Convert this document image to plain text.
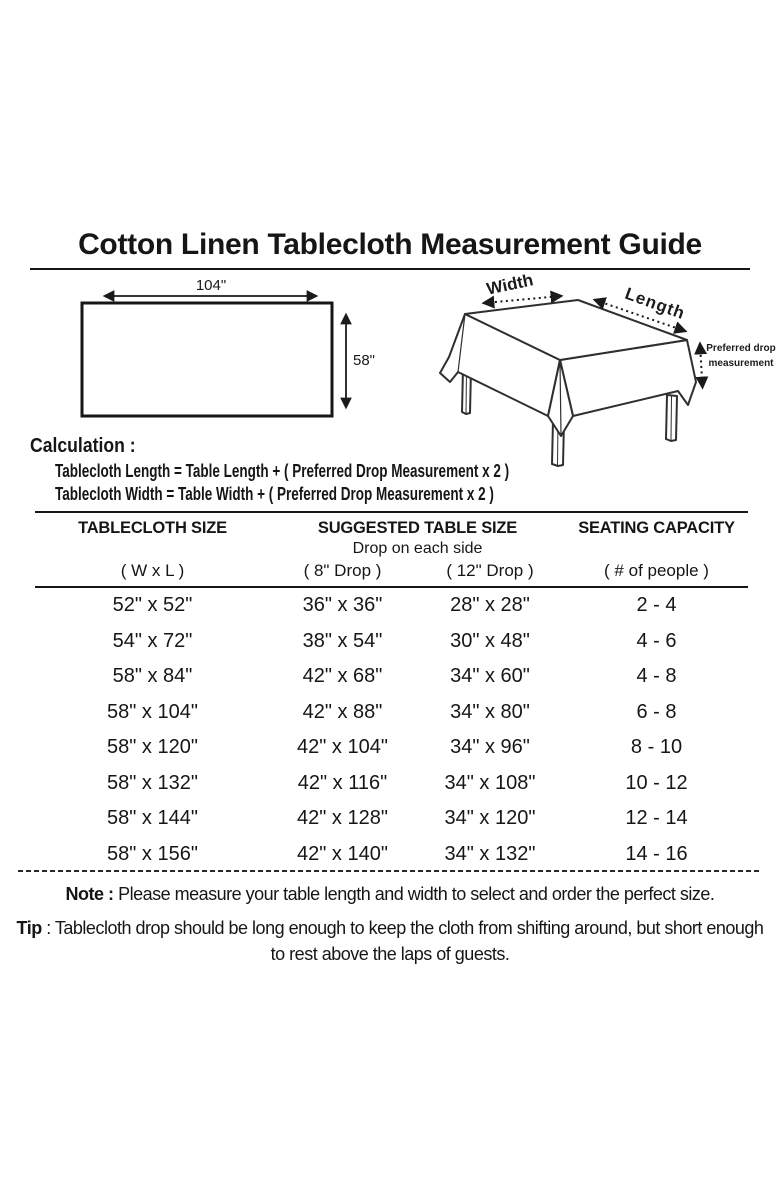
Cotton Linen Tablecloth Measurement Guide
104"
58"
Width	Length
Preferred drop measurement
Calculation :
Tablecloth Length = Table Length + ( Preferred Drop Measurement x 2 )
Tablecloth Width = Table Width + ( Preferred Drop Measurement x 2 )
TABLECLOTH SIZE	SUGGESTED TABLE SIZE	SEATING CAPACITY
Drop on each side
( W x L )	( 8" Drop )	( 12" Drop )	( # of people )
52" x 52"	36" x 36"	28" x 28"	2 - 4
54" x 72"	38" x 54"	30" x 48"	4 - 6
58" x 84"	42" x 68"	34" x 60"	4 - 8
58" x 104"	42" x 88"	34" x 80"	6 - 8
58" x 120"	42" x 104"	34" x 96"	8 - 10
58" x 132"	42" x 116"	34" x 108"	10 - 12
58" x 144"	42" x 128"	34" x 120"	12 - 14
58" x 156"	42" x 140"	34" x 132"	14 - 16
Note : Please measure your table length and width to select and order the perfect size.
Tip : Tablecloth drop should be long enough to keep the cloth from shifting around, but short enough to rest above the laps of guests.
